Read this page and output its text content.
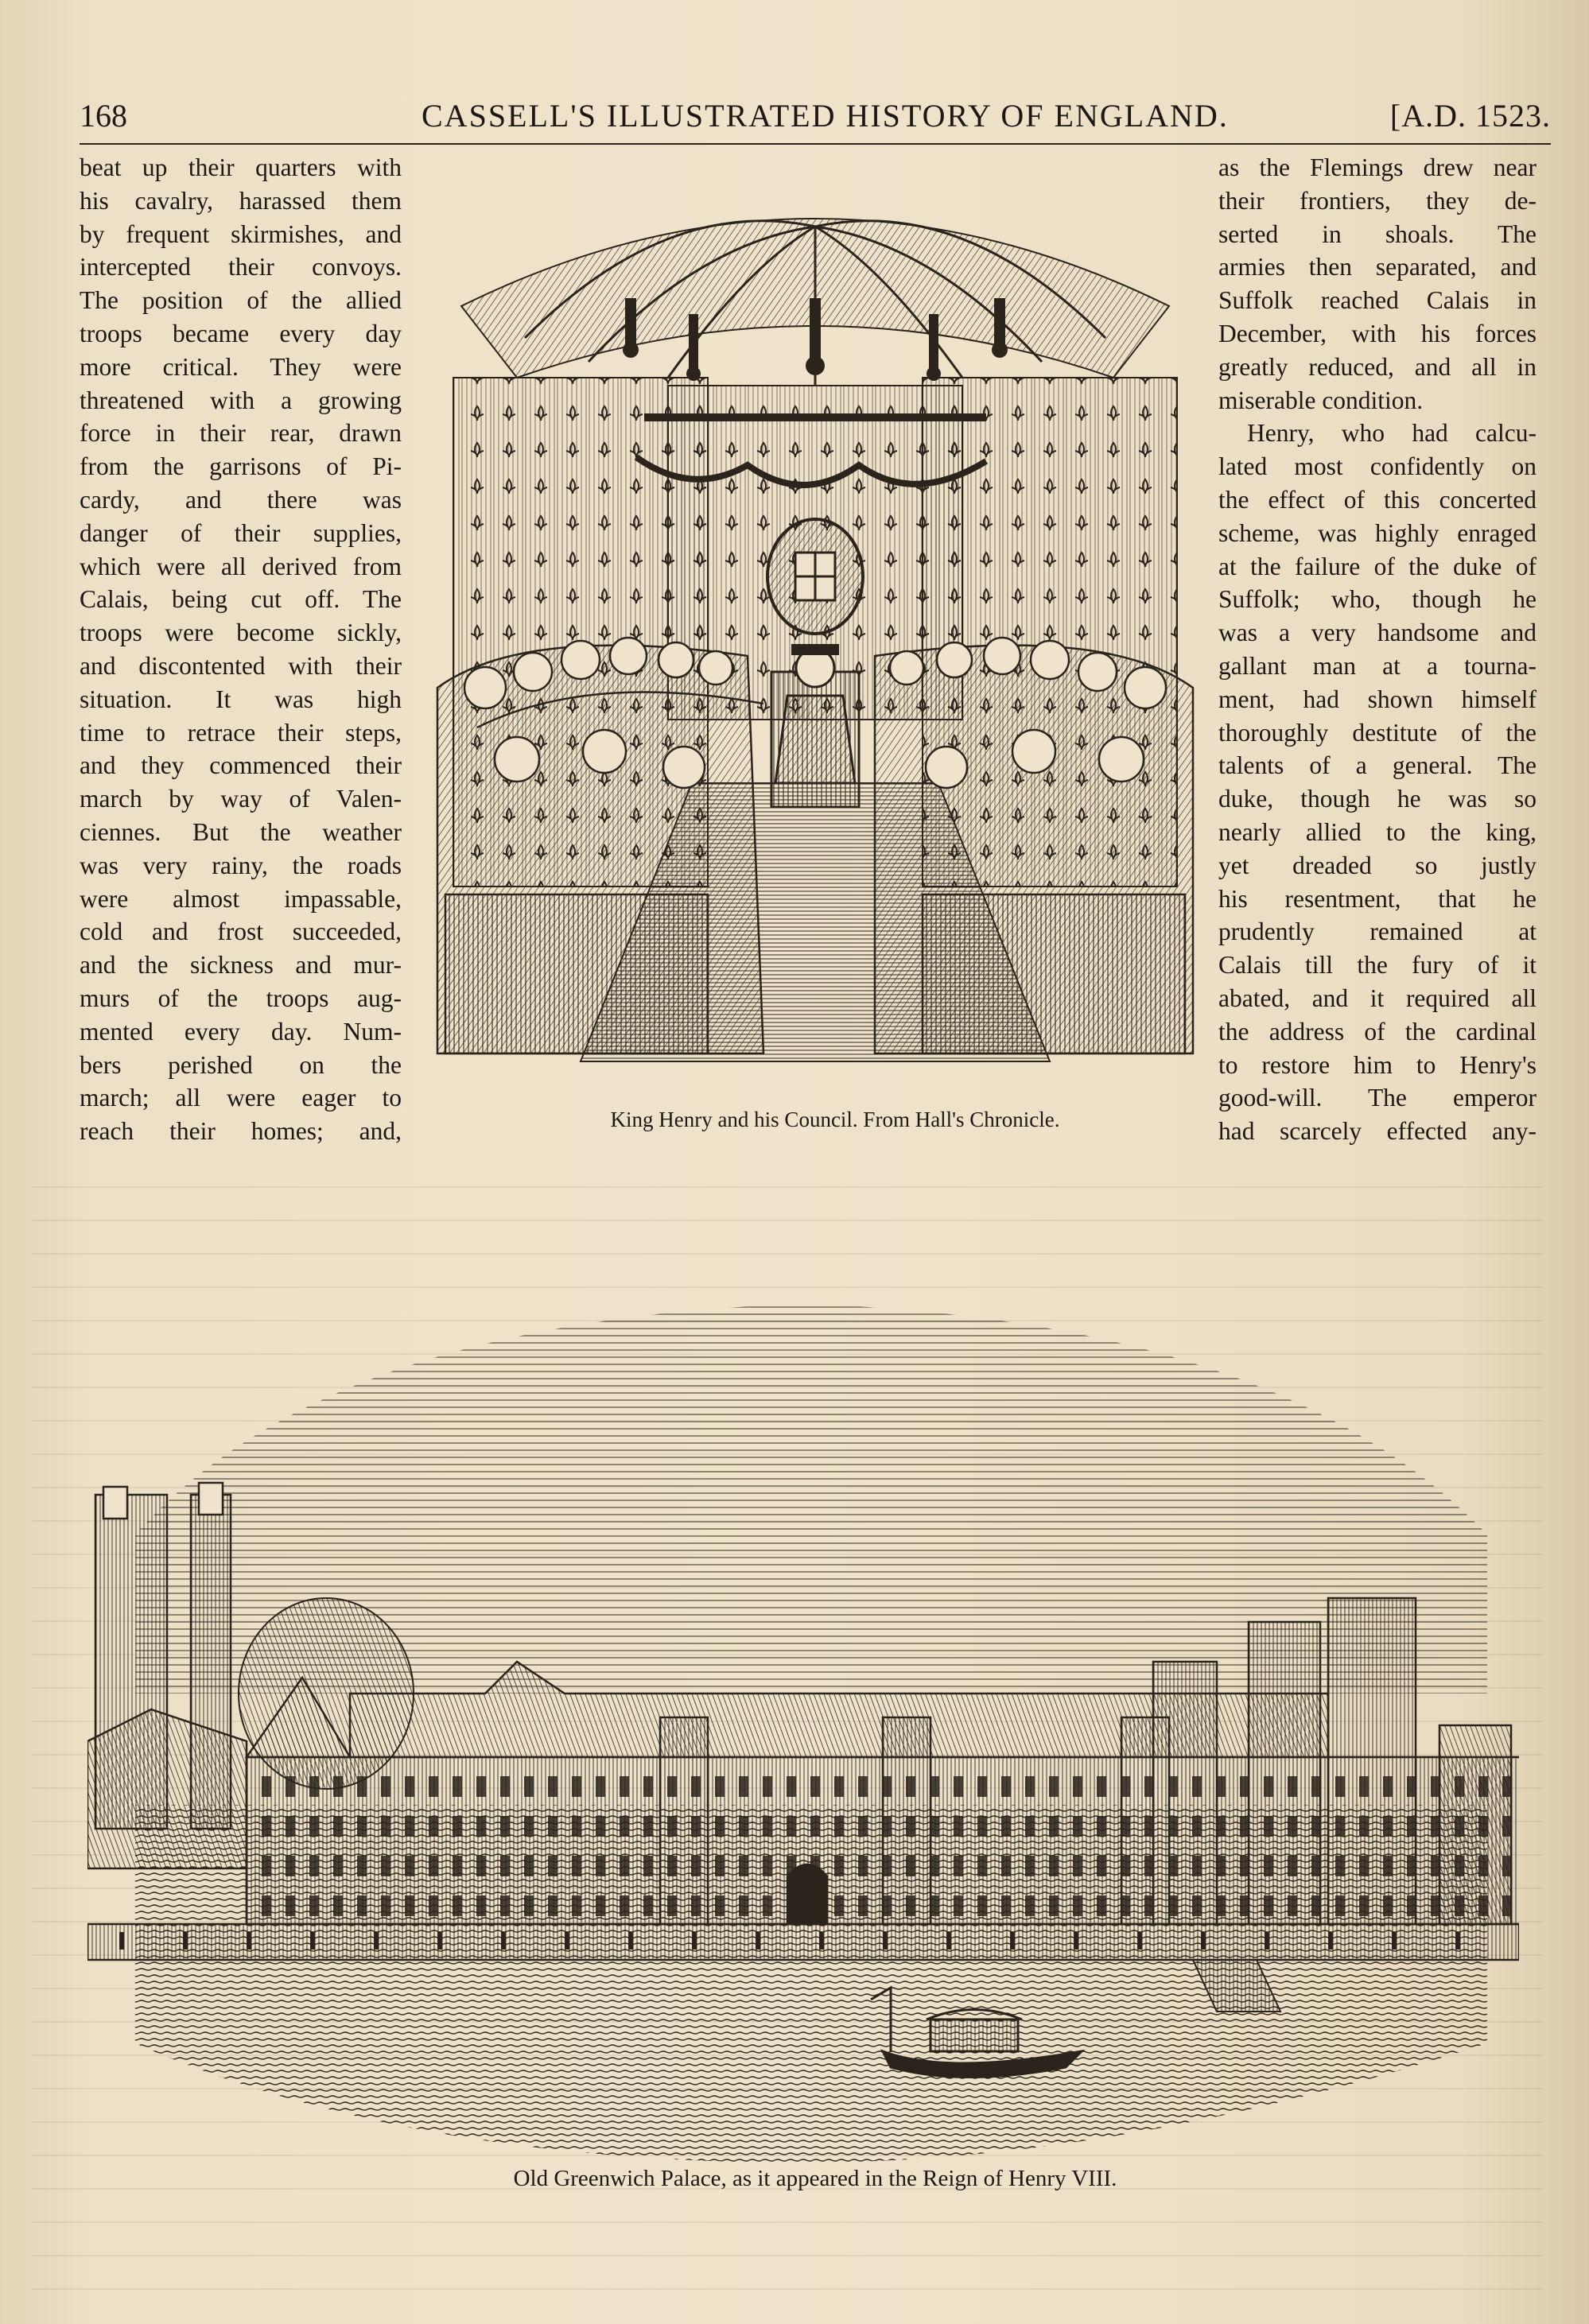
168	CASSELL'S ILLUSTRATED HISTORY OF ENGLAND.	[A.D. 1523.
beat up their quarters with
his cavalry, harassed them
by frequent skirmishes, and
intercepted their convoys.
The position of the allied
troops became every day
more critical. They were
threatened with a growing
force in their rear, drawn
from the garrisons of Pi-
cardy, and there was
danger of their supplies,
which were all derived from
Calais, being cut off. The
troops were become sickly,
and discontented with their
situation. It was high
time to retrace their steps,
and they commenced their
march by way of Valen-
ciennes. But the weather
was very rainy, the roads
were almost impassable,
cold and frost succeeded,
and the sickness and mur-
murs of the troops aug-
mented every day. Num-
bers perished on the
march; all were eager to
reach their homes; and,
as the Flemings drew near
their frontiers, they de-
serted in shoals. The
armies then separated, and
Suffolk reached Calais in
December, with his forces
greatly reduced, and all in
miserable condition.
Henry, who had calcu-
lated most confidently on
the effect of this concerted
scheme, was highly enraged
at the failure of the duke of
Suffolk; who, though he
was a very handsome and
gallant man at a tourna-
ment, had shown himself
thoroughly destitute of the
talents of a general. The
duke, though he was so
nearly allied to the king,
yet dreaded so justly
his resentment, that he
prudently remained at
Calais till the fury of it
abated, and it required all
the address of the cardinal
to restore him to Henry's
good-will. The emperor
had scarcely effected any-
King Henry and his Council. From Hall's Chronicle.
Old Greenwich Palace, as it appeared in the Reign of Henry VIII.
